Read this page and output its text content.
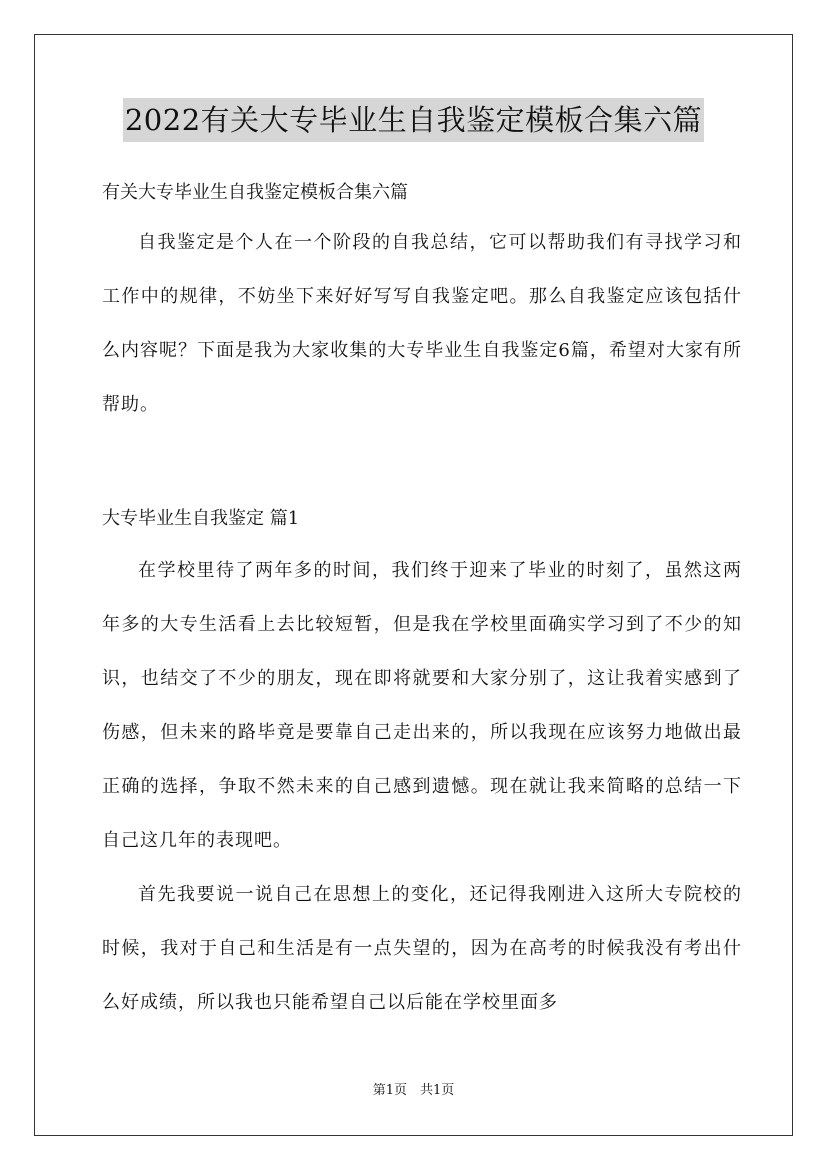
2022有关大专毕业生自我鉴定模板合集六篇
有关大专毕业生自我鉴定模板合集六篇

自我鉴定是个人在一个阶段的自我总结，它可以帮助我们有寻找学习和工作中的规律，不妨坐下来好好写写自我鉴定吧。那么自我鉴定应该包括什么内容呢？下面是我为大家收集的大专毕业生自我鉴定6篇，希望对大家有所帮助。

大专毕业生自我鉴定 篇1

在学校里待了两年多的时间，我们终于迎来了毕业的时刻了，虽然这两年多的大专生活看上去比较短暂，但是我在学校里面确实学习到了不少的知识，也结交了不少的朋友，现在即将就要和大家分别了，这让我着实感到了伤感，但未来的路毕竟是要靠自己走出来的，所以我现在应该努力地做出最正确的选择，争取不然未来的自己感到遗憾。现在就让我来简略的总结一下自己这几年的表现吧。

首先我要说一说自己在思想上的变化，还记得我刚进入这所大专院校的时候，我对于自己和生活是有一点失望的，因为在高考的时候我没有考出什么好成绩，所以我也只能希望自己以后能在学校里面多

第1页　共1页
